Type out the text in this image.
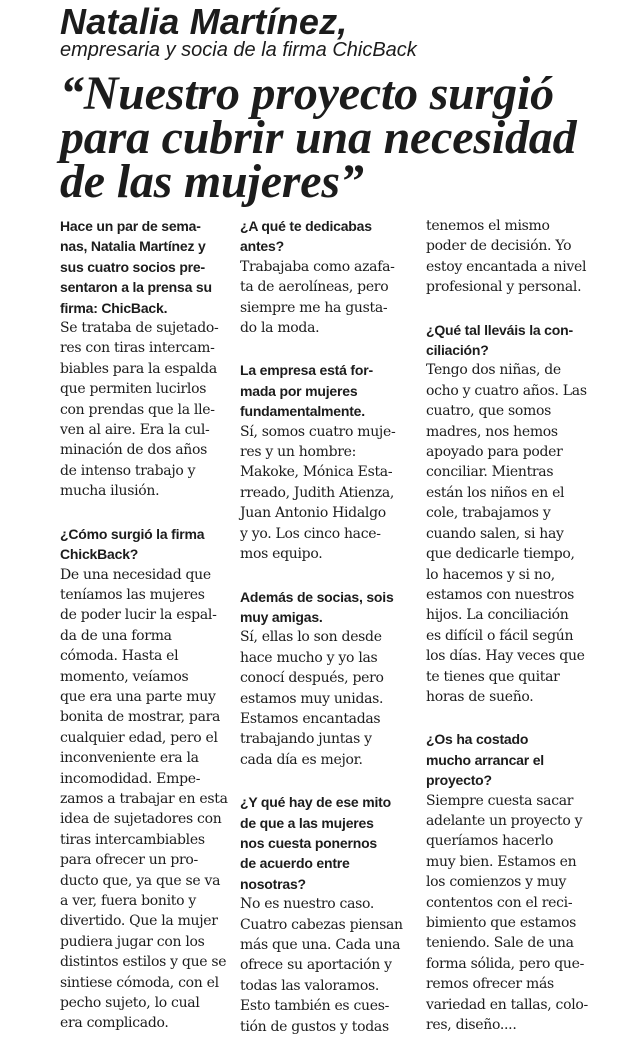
Natalia Martínez,

empresaria y socia de la firma ChicBack

“Nuestro proyecto surgió
para cubrir una necesidad
de las mujeres”

Hace un par de sema-
nas, Natalia Martínez y
sus cuatro socios pre-
sentaron a la prensa su
firma: ChicBack.

Se trataba de sujetado-
res con tiras intercam-
biables para la espalda
que permiten lucirlos
con prendas que la lle-
ven al aire. Era la cul-
minación de dos años
de intenso trabajo y
mucha ilusión.

¿Cómo surgió la firma
ChickBack?

De una necesidad que
teníamos las mujeres
de poder lucir la espal-
da de una forma
cómoda. Hasta el
momento, veíamos
que era una parte muy
bonita de mostrar, para
cualquier edad, pero el
inconveniente era la
incomodidad. Empe-
zamos a trabajar en esta
idea de sujetadores con
tiras intercambiables
para ofrecer un pro-
ducto que, ya que se va
a ver, fuera bonito y
divertido. Que la mujer
pudiera jugar con los
distintos estilos y que se
sintiese cómoda, con el
pecho sujeto, lo cual
era complicado.

¿A qué te dedicabas
antes?

Trabajaba como azafa-
ta de aerolíneas, pero
siempre me ha gusta-
do la moda.

La empresa está for-
mada por mujeres
fundamentalmente.

Sí, somos cuatro muje-
res y un hombre:
Makoke, Mónica Esta-
rreado, Judith Atienza,
Juan Antonio Hidalgo
y yo. Los cinco hace-
mos equipo.

Además de socias, sois
muy amigas.

Sí, ellas lo son desde
hace mucho y yo las
conocí después, pero
estamos muy unidas.
Estamos encantadas
trabajando juntas y
cada día es mejor.

¿Y qué hay de ese mito
de que a las mujeres
nos cuesta ponernos
de acuerdo entre
nosotras?

No es nuestro caso.
Cuatro cabezas piensan
más que una. Cada una
ofrece su aportación y
todas las valoramos.
Esto también es cues-
tión de gustos y todas

tenemos el mismo
poder de decisión. Yo
estoy encantada a nivel
profesional y personal.

¿Qué tal lleváis la con-
ciliación?

Tengo dos niñas, de
ocho y cuatro años. Las
cuatro, que somos
madres, nos hemos
apoyado para poder
conciliar. Mientras
están los niños en el
cole, trabajamos y
cuando salen, si hay
que dedicarle tiempo,
lo hacemos y si no,
estamos con nuestros
hijos. La conciliación
es difícil o fácil según
los días. Hay veces que
te tienes que quitar
horas de sueño.

¿Os ha costado
mucho arrancar el
proyecto?

Siempre cuesta sacar
adelante un proyecto y
queríamos hacerlo
muy bien. Estamos en
los comienzos y muy
contentos con el reci-
bimiento que estamos
teniendo. Sale de una
forma sólida, pero que-
remos ofrecer más
variedad en tallas, colo-
res, diseño....
